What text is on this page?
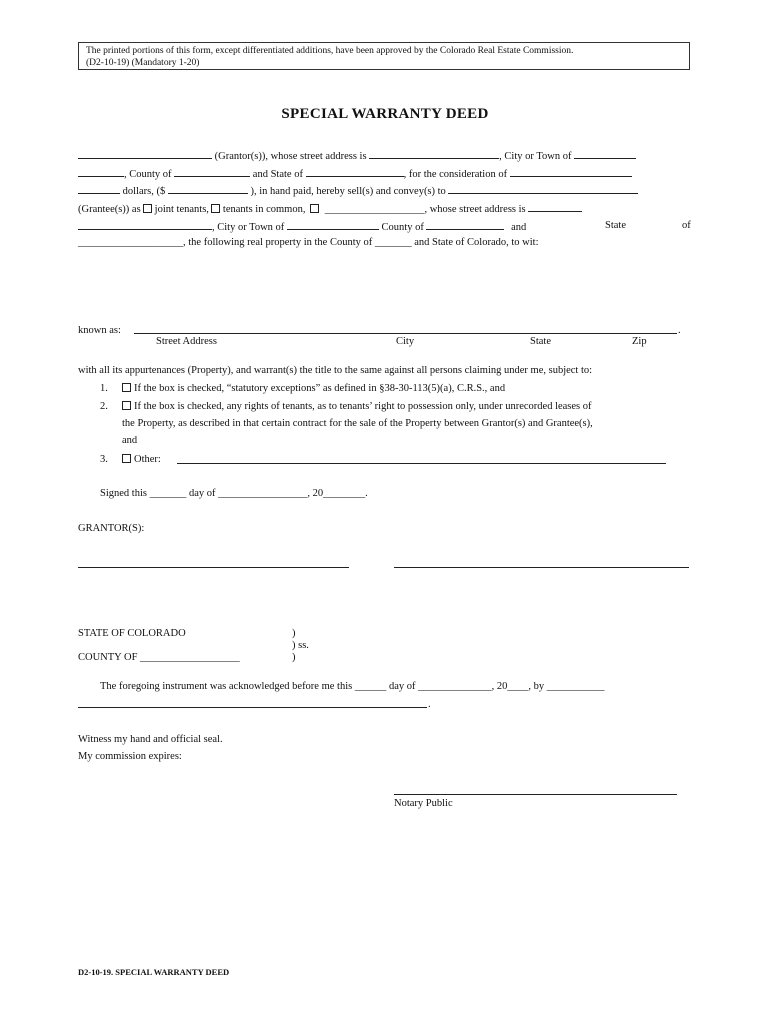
The printed portions of this form, except differentiated additions, have been approved by the Colorado Real Estate Commission.
(D2-10-19) (Mandatory 1-20)
SPECIAL WARRANTY DEED
(Grantor(s)), whose street address is	, City or Town of
, County of	and State of	, for the consideration of
dollars, ($	), in hand paid, hereby sell(s) and convey(s) to
(Grantee(s)) as joint tenants, tenants in common, ___________________, whose street address is
, City or Town of	County of	and	State	of
____________________, the following real property in the County of _______ and State of Colorado, to wit:
known as:	.
Street Address	City	State	Zip
with all its appurtenances (Property), and warrant(s) the title to the same against all persons claiming under me, subject to:
1.	If the box is checked, “statutory exceptions” as defined in §38-30-113(5)(a), C.R.S., and
2.	If the box is checked, any rights of tenants, as to tenants’ right to possession only, under unrecorded leases of
the Property, as described in that certain contract for the sale of the Property between Grantor(s) and Grantee(s),
and
3.	Other:
Signed this _______ day of _________________, 20________.
GRANTOR(S):
STATE OF COLORADO
COUNTY OF ___________________
)
) ss.
)
The foregoing instrument was acknowledged before me this ______ day of ______________, 20____, by ___________
.
Witness my hand and official seal.
My commission expires:
Notary Public
D2-10-19. SPECIAL WARRANTY DEED
